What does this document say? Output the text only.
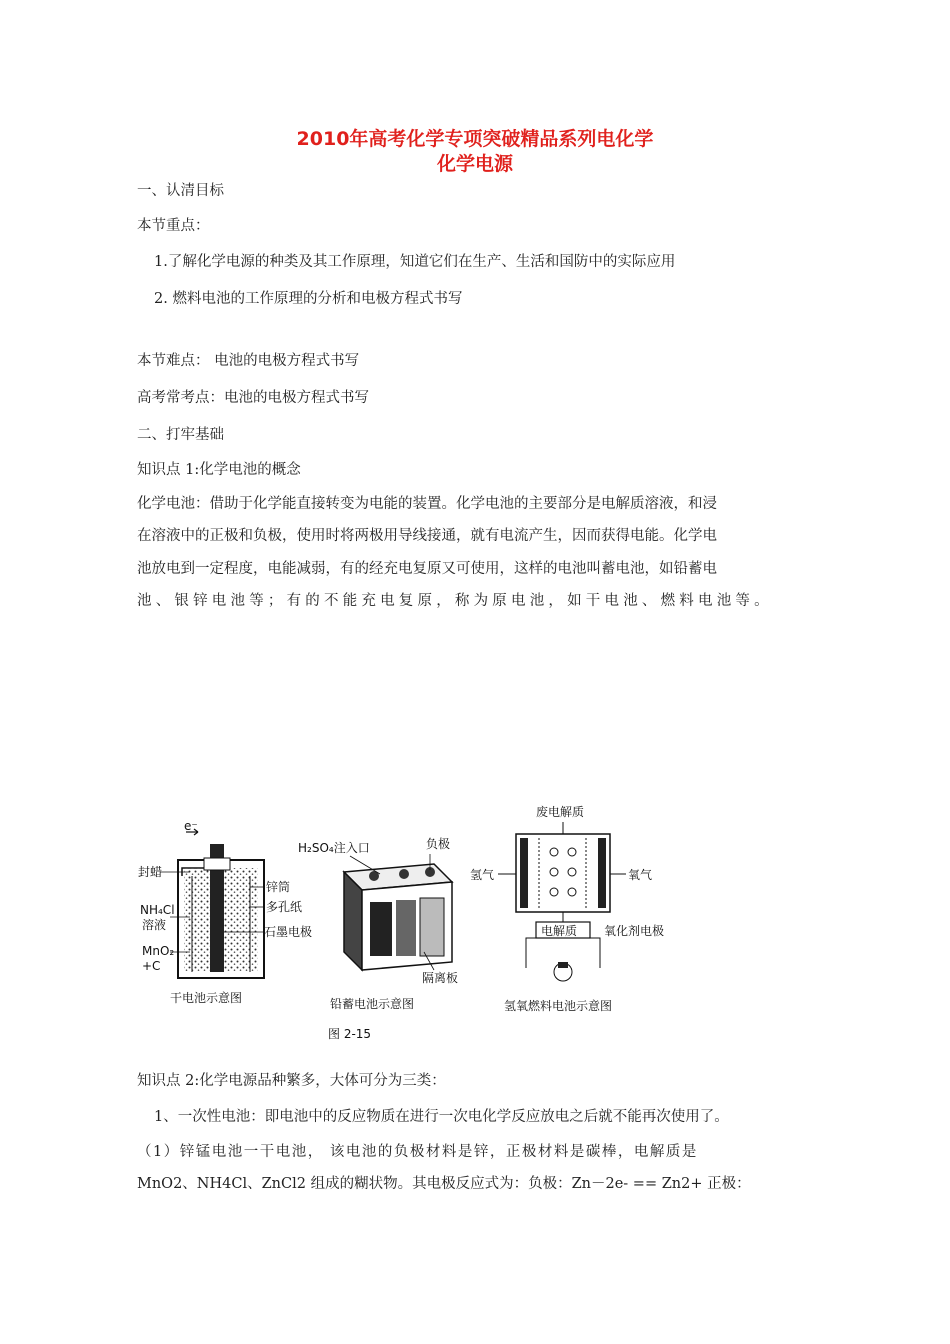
2010年高考化学专项突破精品系列电化学
化学电源
一、认清目标
本节重点：
1.了解化学电源的种类及其工作原理，知道它们在生产、生活和国防中的实际应用
2. 燃料电池的工作原理的分析和电极方程式书写
本节难点： 电池的电极方程式书写
高考常考点：电池的电极方程式书写
二、打牢基础
知识点 1:化学电池的概念

化学电池：借助于化学能直接转变为电能的装置。化学电池的主要部分是电解质溶液，和浸

在溶液中的正极和负极，使用时将两极用导线接通，就有电流产生，因而获得电能。化学电

池放电到一定程度，电能减弱，有的经充电复原又可使用，这样的电池叫蓄电池，如铅蓄电

池、银锌电池等；有的不能充电复原，称为原电池，如干电池、燃料电池等。

e⁻
封蜡
锌筒
多孔纸
NH₄Cl
溶液	石墨电极
MnO₂
+C
干电池示意图
H₂SO₄注入口	负极
隔离板
铅蓄电池示意图
废电解质
氢气	氧气
电解质 氧化剂电极
氢氧燃料电池示意图
图 2-15
知识点 2:化学电源品种繁多，大体可分为三类：
1、一次性电池：即电池中的反应物质在进行一次电化学反应放电之后就不能再次使用了。

（1）锌锰电池一干电池， 该电池的负极材料是锌，正极材料是碳棒，电解质是

MnO2、NH4Cl、ZnCl2 组成的糊状物。其电极反应式为：负极：Zn－2e- == Zn2+ 正极：
